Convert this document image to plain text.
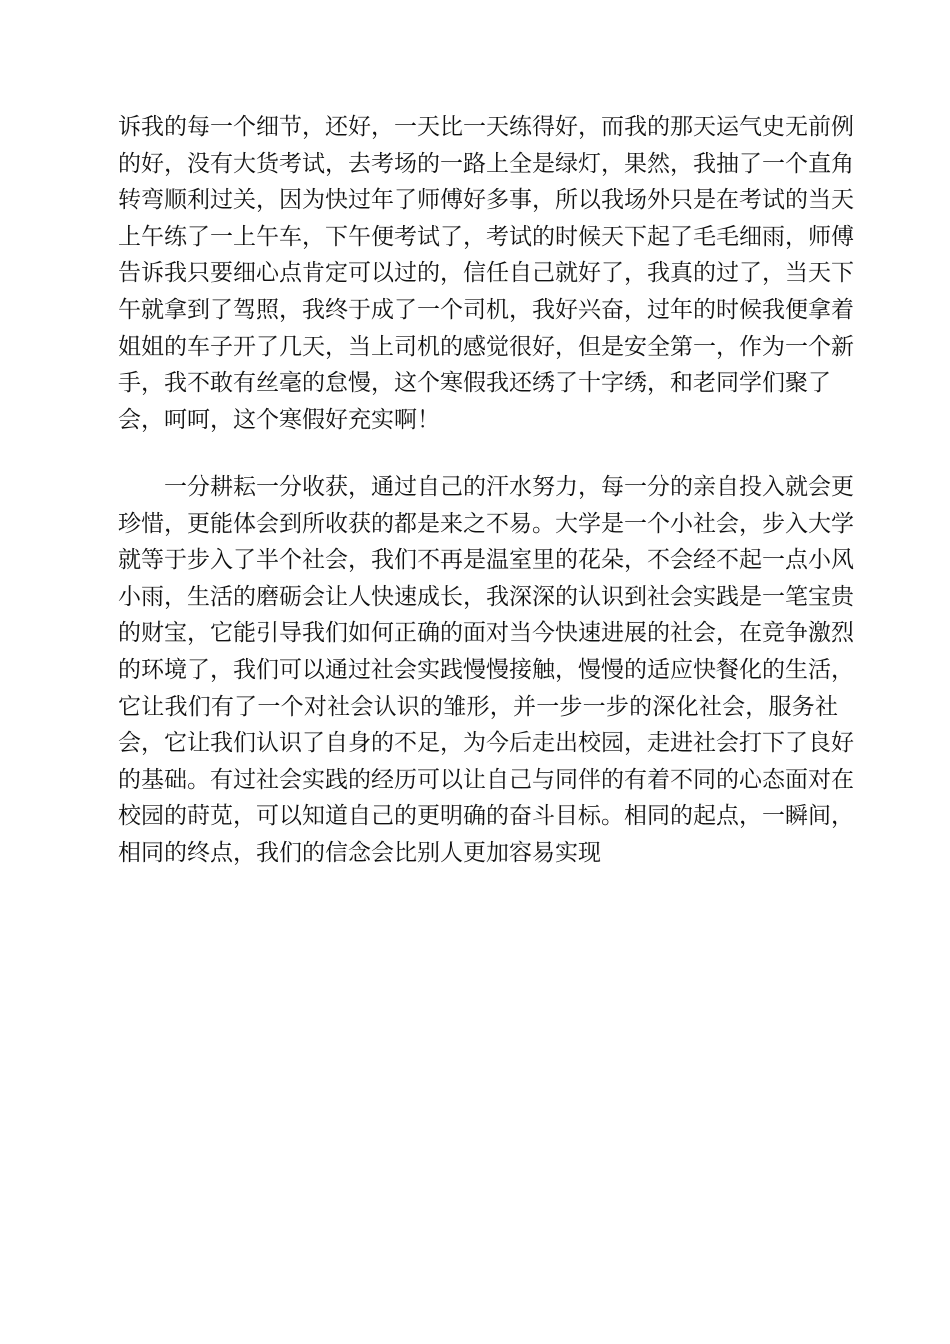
诉我的每一个细节，还好，一天比一天练得好，而我的那天运气史无前例
的好，没有大货考试，去考场的一路上全是绿灯，果然，我抽了一个直角
转弯顺利过关，因为快过年了师傅好多事，所以我场外只是在考试的当天
上午练了一上午车，下午便考试了，考试的时候天下起了毛毛细雨，师傅
告诉我只要细心点肯定可以过的，信任自己就好了，我真的过了，当天下
午就拿到了驾照，我终于成了一个司机，我好兴奋，过年的时候我便拿着
姐姐的车子开了几天，当上司机的感觉很好，但是安全第一，作为一个新
手，我不敢有丝毫的怠慢，这个寒假我还绣了十字绣，和老同学们聚了
会，呵呵，这个寒假好充实啊！
一分耕耘一分收获，通过自己的汗水努力，每一分的亲自投入就会更
珍惜，更能体会到所收获的都是来之不易。大学是一个小社会，步入大学
就等于步入了半个社会，我们不再是温室里的花朵，不会经不起一点小风
小雨，生活的磨砺会让人快速成长，我深深的认识到社会实践是一笔宝贵
的财宝，它能引导我们如何正确的面对当今快速进展的社会，在竞争激烈
的环境了，我们可以通过社会实践慢慢接触，慢慢的适应快餐化的生活，
它让我们有了一个对社会认识的雏形，并一步一步的深化社会，服务社
会，它让我们认识了自身的不足，为今后走出校园，走进社会打下了良好
的基础。有过社会实践的经历可以让自己与同伴的有着不同的心态面对在
校园的莳苋，可以知道自己的更明确的奋斗目标。相同的起点，一瞬间，
相同的终点，我们的信念会比别人更加容易实现
